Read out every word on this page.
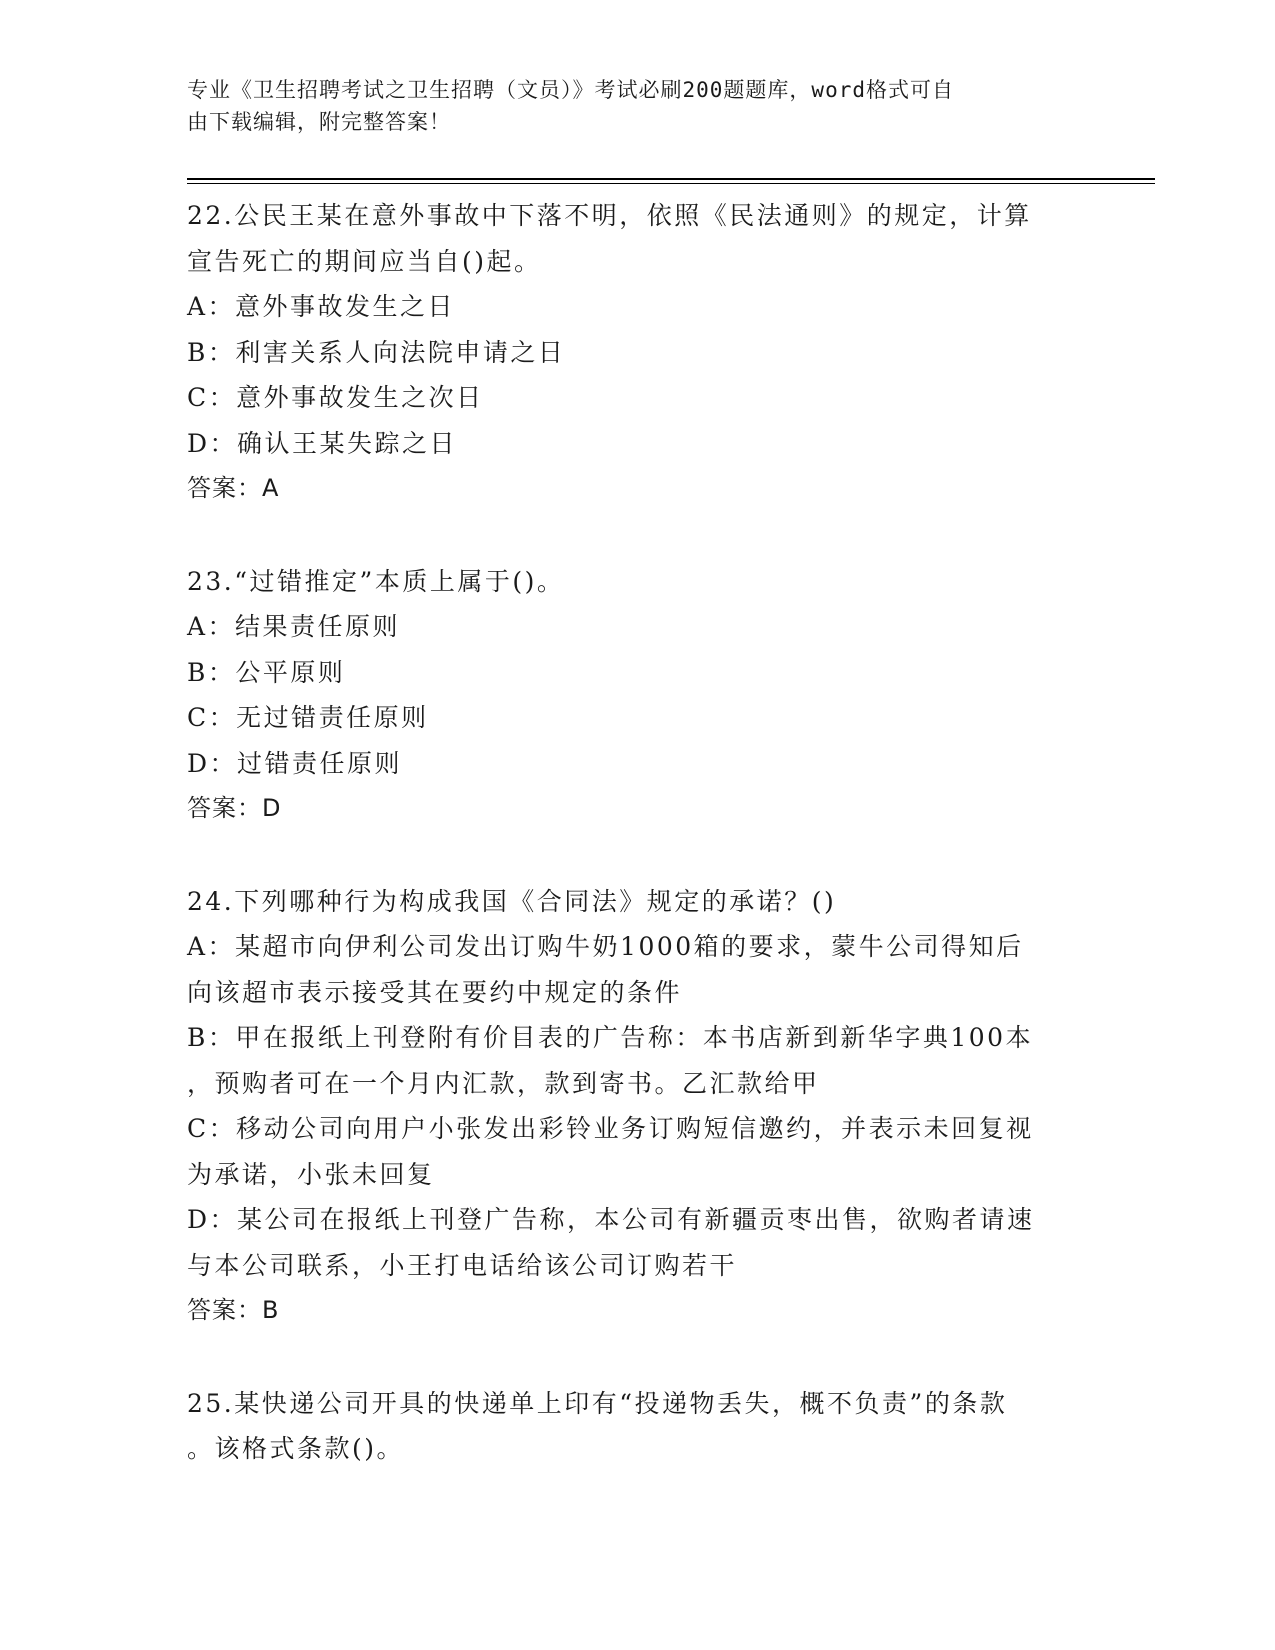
专业《卫生招聘考试之卫生招聘（文员）》考试必刷200题题库，word格式可自
由下载编辑，附完整答案！
22.公民王某在意外事故中下落不明，依照《民法通则》的规定，计算
宣告死亡的期间应当自()起。
A：意外事故发生之日
B：利害关系人向法院申请之日
C：意外事故发生之次日
D：确认王某失踪之日
答案：A
23.“过错推定”本质上属于()。
A：结果责任原则
B：公平原则
C：无过错责任原则
D：过错责任原则
答案：D
24.下列哪种行为构成我国《合同法》规定的承诺？()
A：某超市向伊利公司发出订购牛奶1000箱的要求，蒙牛公司得知后
向该超市表示接受其在要约中规定的条件
B：甲在报纸上刊登附有价目表的广告称：本书店新到新华字典100本
，预购者可在一个月内汇款，款到寄书。乙汇款给甲
C：移动公司向用户小张发出彩铃业务订购短信邀约，并表示未回复视
为承诺，小张未回复
D：某公司在报纸上刊登广告称，本公司有新疆贡枣出售，欲购者请速
与本公司联系，小王打电话给该公司订购若干
答案：B
25.某快递公司开具的快递单上印有“投递物丢失，概不负责”的条款
。该格式条款()。
